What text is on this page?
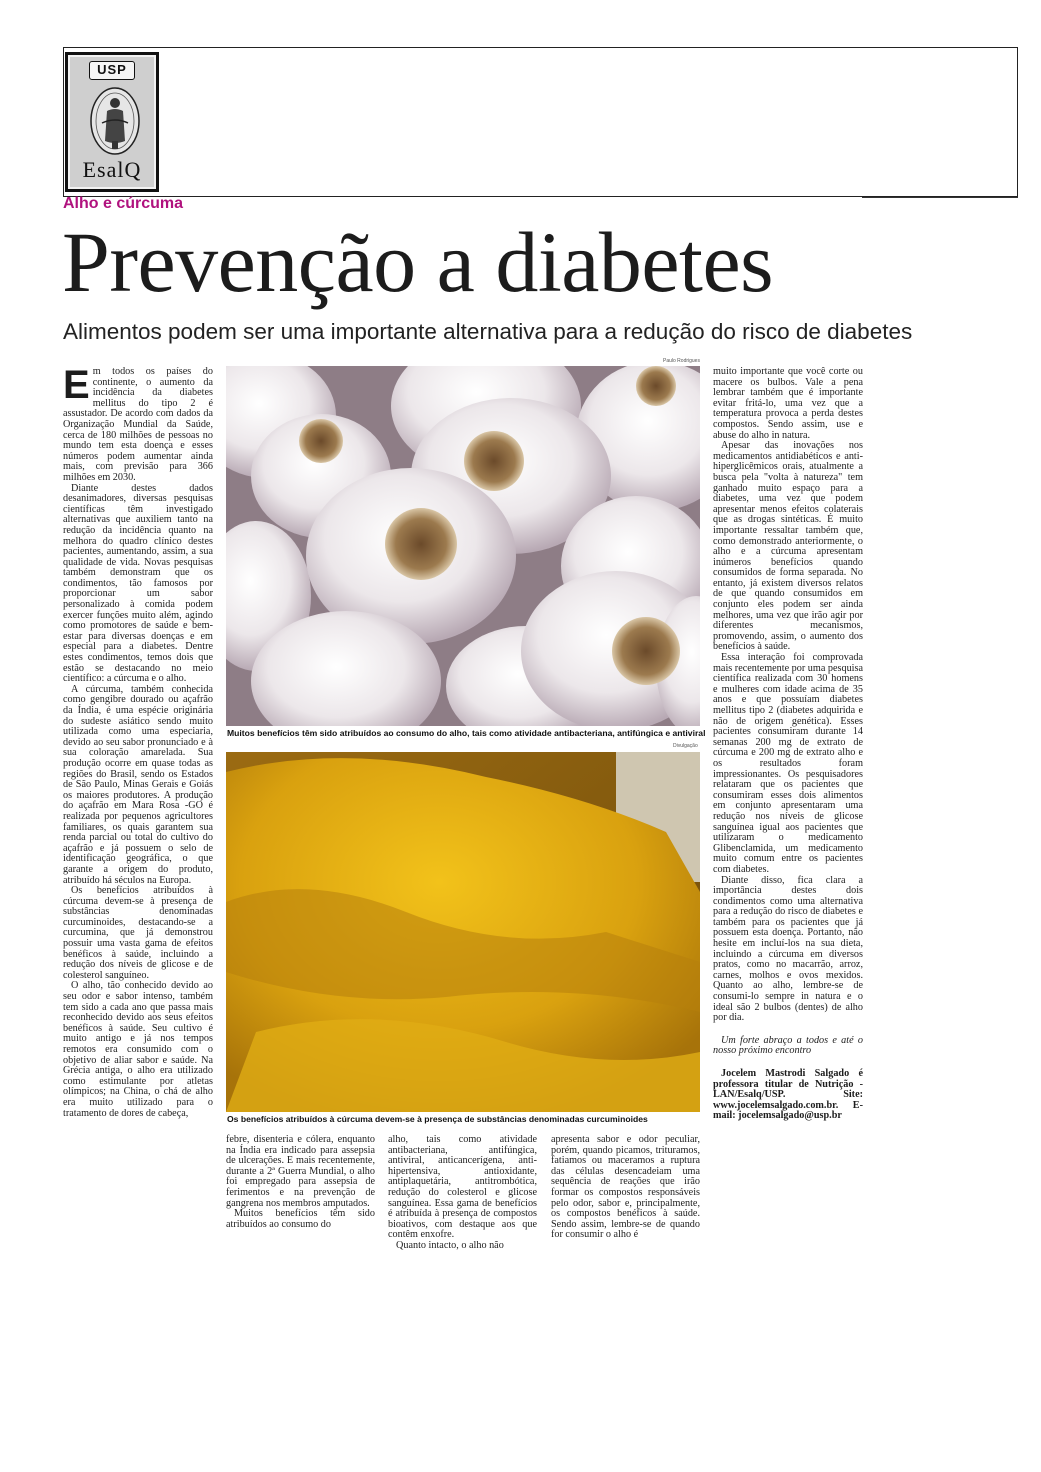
USP
EsalQ
Alho e cúrcuma
Prevenção a diabetes
Alimentos podem ser uma importante alternativa para a redução do risco de diabetes
Paulo Rodrigues
Muitos benefícios têm sido atribuídos ao consumo do alho, tais como atividade antibacteriana, antifúngica e antiviral
Divulgação
Os benefícios atribuídos à cúrcuma devem-se à presença de substâncias denominadas curcuminoides

Em todos os países do continente, o aumento da incidência da diabetes mellitus do tipo 2 é assustador. De acordo com dados da Organização Mundial da Saúde, cerca de 180 milhões de pessoas no mundo tem esta doença e esses números podem aumentar ainda mais, com previsão para 366 milhões em 2030.

Diante destes dados desanimadores, diversas pesquisas científicas têm investigado alternativas que auxiliem tanto na redução da incidência quanto na melhora do quadro clínico destes pacientes, aumentando, assim, a sua qualidade de vida. Novas pesquisas também demonstram que os condimentos, tão famosos por proporcionar um sabor personalizado à comida podem exercer funções muito além, agindo como promotores de saúde e bem-estar para diversas doenças e em especial para a diabetes. Dentre estes condimentos, temos dois que estão se destacando no meio científico: a cúrcuma e o alho.

A cúrcuma, também conhecida como gengibre dourado ou açafrão da Índia, é uma espécie originária do sudeste asiático sendo muito utilizada como uma especiaria, devido ao seu sabor pronunciado e à sua coloração amarelada. Sua produção ocorre em quase todas as regiões do Brasil, sendo os Estados de São Paulo, Minas Gerais e Goiás os maiores produtores. A produção do açafrão em Mara Rosa -GO é realizada por pequenos agricultores familiares, os quais garantem sua renda parcial ou total do cultivo do açafrão e já possuem o selo de identificação geográfica, o que garante a origem do produto, atribuído há séculos na Europa.

Os benefícios atribuídos à cúrcuma devem-se à presença de substâncias denominadas curcuminoides, destacando-se a curcumina, que já demonstrou possuir uma vasta gama de efeitos benéficos à saúde, incluindo a redução dos níveis de glicose e de colesterol sanguíneo.

O alho, tão conhecido devido ao seu odor e sabor intenso, também tem sido a cada ano que passa mais reconhecido devido aos seus efeitos benéficos à saúde. Seu cultivo é muito antigo e já nos tempos remotos era consumido com o objetivo de aliar sabor e saúde. Na Grécia antiga, o alho era utilizado como estimulante por atletas olímpicos; na China, o chá de alho era muito utilizado para o tratamento de dores de cabeça,

febre, disenteria e cólera, enquanto na Índia era indicado para assepsia de ulcerações. E mais recentemente, durante a 2ª Guerra Mundial, o alho foi empregado para assepsia de ferimentos e na prevenção de gangrena nos membros amputados.

Muitos benefícios têm sido atribuídos ao consumo do

alho, tais como atividade antibacteriana, antifúngica, antiviral, anticancerígena, anti-hipertensiva, antioxidante, antiplaquetária, antitrombótica, redução do colesterol e glicose sanguínea. Essa gama de benefícios é atribuída à presença de compostos bioativos, com destaque aos que contêm enxofre.

Quanto intacto, o alho não

apresenta sabor e odor peculiar, porém, quando picamos, trituramos, fatiamos ou maceramos a ruptura das células desencadeiam uma sequência de reações que irão formar os compostos responsáveis pelo odor, sabor e, principalmente, os compostos benéficos à saúde. Sendo assim, lembre-se de quando for consumir o alho é

muito importante que você corte ou macere os bulbos. Vale a pena lembrar também que é importante evitar fritá-lo, uma vez que a temperatura provoca a perda destes compostos. Sendo assim, use e abuse do alho in natura.

Apesar das inovações nos medicamentos antidiabéticos e anti-hiperglicêmicos orais, atualmente a busca pela "volta à natureza" tem ganhado muito espaço para a diabetes, uma vez que podem apresentar menos efeitos colaterais que as drogas sintéticas. É muito importante ressaltar também que, como demonstrado anteriormente, o alho e a cúrcuma apresentam inúmeros benefícios quando consumidos de forma separada. No entanto, já existem diversos relatos de que quando consumidos em conjunto eles podem ser ainda melhores, uma vez que irão agir por diferentes mecanismos, promovendo, assim, o aumento dos benefícios à saúde.

Essa interação foi comprovada mais recentemente por uma pesquisa científica realizada com 30 homens e mulheres com idade acima de 35 anos e que possuíam diabetes mellitus tipo 2 (diabetes adquirida e não de origem genética). Esses pacientes consumiram durante 14 semanas 200 mg de extrato de cúrcuma e 200 mg de extrato alho e os resultados foram impressionantes. Os pesquisadores relataram que os pacientes que consumiram esses dois alimentos em conjunto apresentaram uma redução nos níveis de glicose sanguínea igual aos pacientes que utilizaram o medicamento Glibenclamida, um medicamento muito comum entre os pacientes com diabetes.

Diante disso, fica clara a importância destes dois condimentos como uma alternativa para a redução do risco de diabetes e também para os pacientes que já possuem esta doença. Portanto, não hesite em incluí-los na sua dieta, incluindo a cúrcuma em diversos pratos, como no macarrão, arroz, carnes, molhos e ovos mexidos. Quanto ao alho, lembre-se de consumi-lo sempre in natura e o ideal são 2 bulbos (dentes) de alho por dia.

Um forte abraço a todos e até o nosso próximo encontro

Jocelem Mastrodi Salgado é professora titular de Nutrição - LAN/Esalq/USP. Site: www.jocelemsalgado.com.br. E-mail: jocelemsalgado@usp.br
